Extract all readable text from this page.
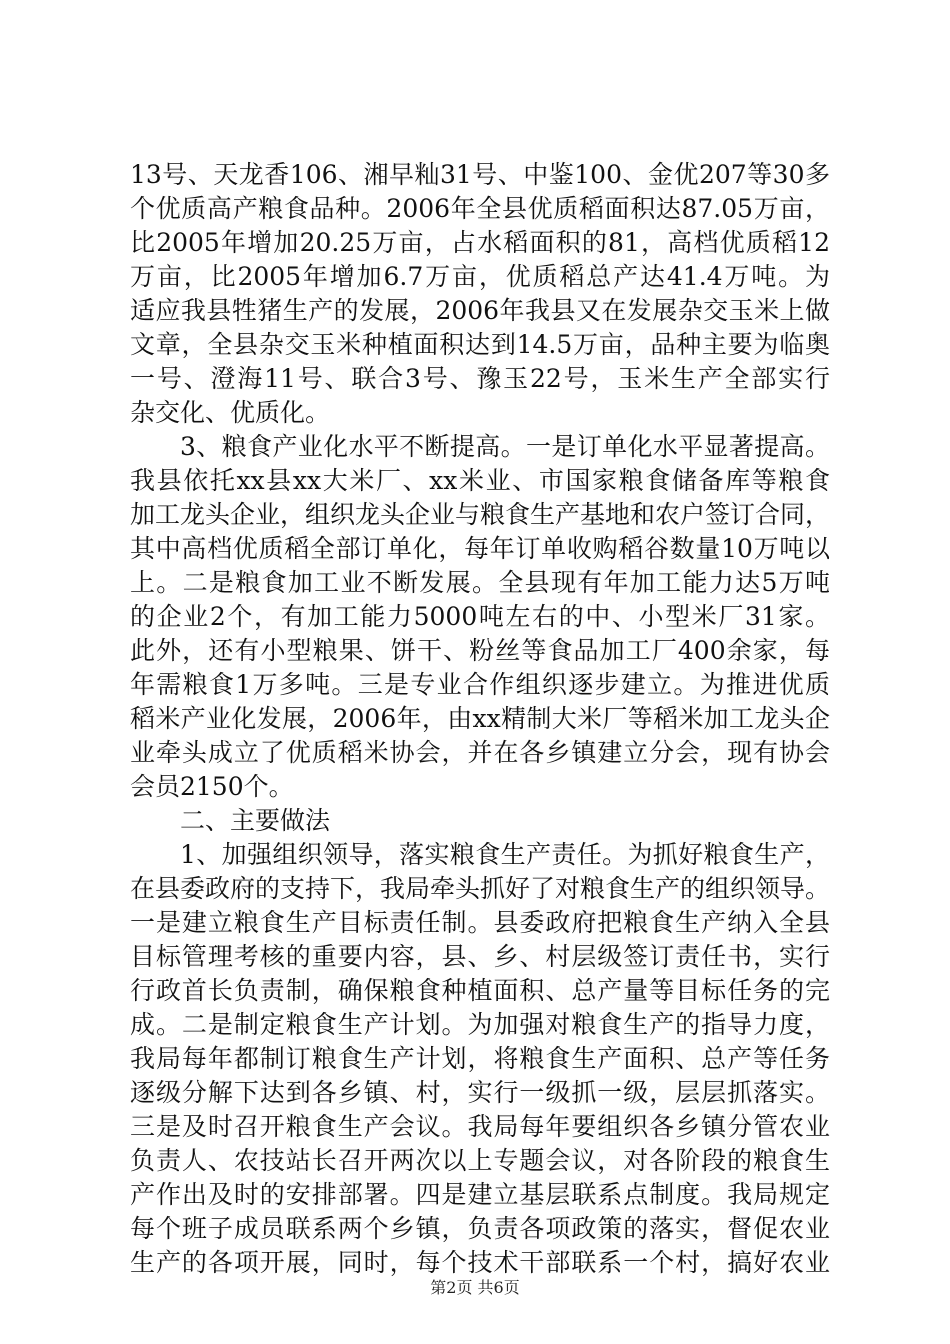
13号、天龙香106、湘早籼31号、中鉴100、金优207等30多
个优质高产粮食品种。2006年全县优质稻面积达87.05万亩，
比2005年增加20.25万亩，占水稻面积的81，高档优质稻12
万亩，比2005年增加6.7万亩，优质稻总产达41.4万吨。为
适应我县牲猪生产的发展，2006年我县又在发展杂交玉米上做
文章，全县杂交玉米种植面积达到14.5万亩，品种主要为临奥
一号、澄海11号、联合3号、豫玉22号，玉米生产全部实行
杂交化、优质化。
3、粮食产业化水平不断提高。一是订单化水平显著提高。
我县依托xx县xx大米厂、xx米业、市国家粮食储备库等粮食
加工龙头企业，组织龙头企业与粮食生产基地和农户签订合同，
其中高档优质稻全部订单化，每年订单收购稻谷数量10万吨以
上。二是粮食加工业不断发展。全县现有年加工能力达5万吨
的企业2个，有加工能力5000吨左右的中、小型米厂31家。
此外，还有小型粮果、饼干、粉丝等食品加工厂400余家，每
年需粮食1万多吨。三是专业合作组织逐步建立。为推进优质
稻米产业化发展，2006年，由xx精制大米厂等稻米加工龙头企
业牵头成立了优质稻米协会，并在各乡镇建立分会，现有协会
会员2150个。
二、主要做法
1、加强组织领导，落实粮食生产责任。为抓好粮食生产，
在县委政府的支持下，我局牵头抓好了对粮食生产的组织领导。
一是建立粮食生产目标责任制。县委政府把粮食生产纳入全县
目标管理考核的重要内容，县、乡、村层级签订责任书，实行
行政首长负责制，确保粮食种植面积、总产量等目标任务的完
成。二是制定粮食生产计划。为加强对粮食生产的指导力度，
我局每年都制订粮食生产计划，将粮食生产面积、总产等任务
逐级分解下达到各乡镇、村，实行一级抓一级，层层抓落实。
三是及时召开粮食生产会议。我局每年要组织各乡镇分管农业
负责人、农技站长召开两次以上专题会议，对各阶段的粮食生
产作出及时的安排部署。四是建立基层联系点制度。我局规定
每个班子成员联系两个乡镇，负责各项政策的落实，督促农业
生产的各项开展，同时，每个技术干部联系一个村，搞好农业
第2页 共6页
